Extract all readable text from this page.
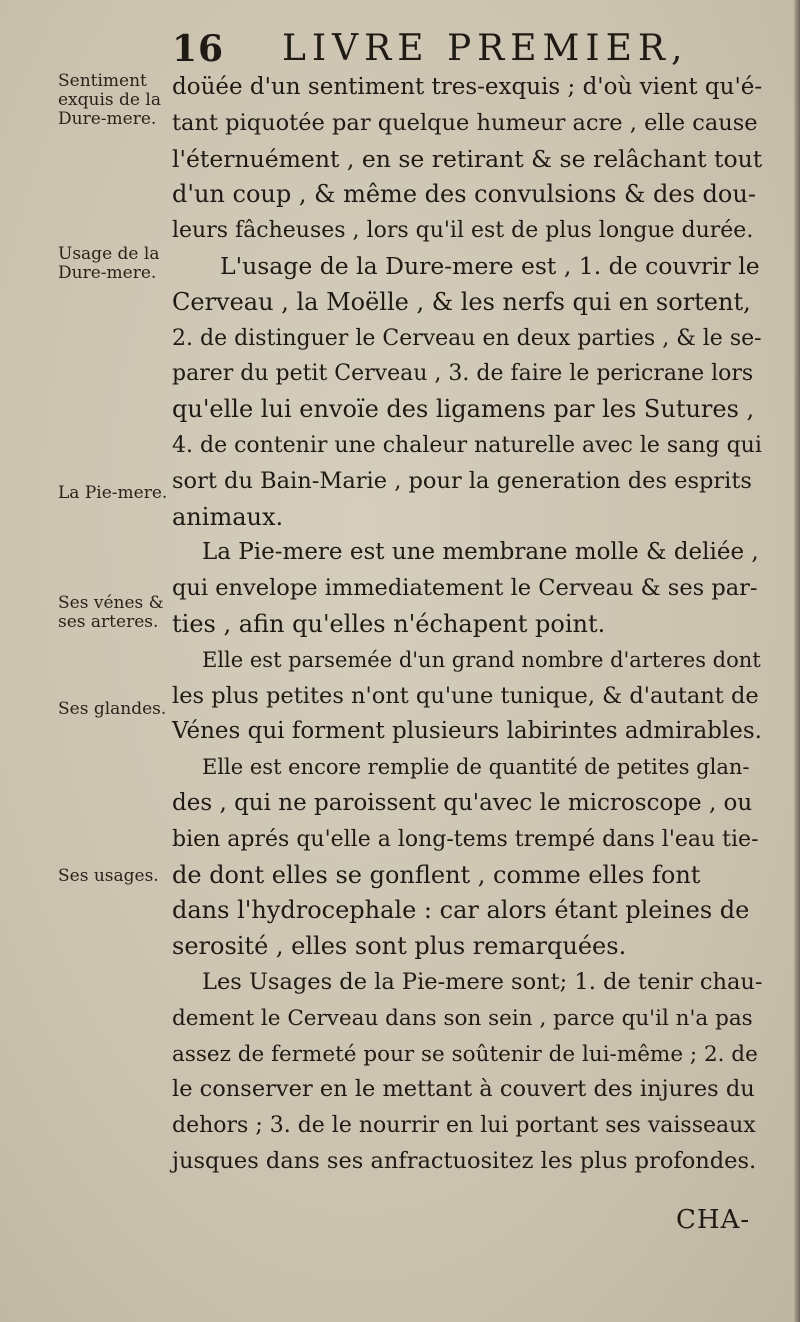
16 LIVRE PREMIER,
Sentiment exquis de la Dure-mere.
Usage de la Dure-mere.
La Pie-mere.
Ses vénes & ses arteres.
Ses glandes.
Ses usages.
doüée d'un sentiment tres-exquis ; d'où vient qu'é-
tant piquotée par quelque humeur acre , elle cause
l'éternuément , en se retirant & se relâchant tout
d'un coup , & même des convulsions & des dou-
leurs fâcheuses , lors qu'il est de plus longue durée.
L'usage de la Dure-mere est , 1. de couvrir le
Cerveau , la Moëlle , & les nerfs qui en sortent,
2. de distinguer le Cerveau en deux parties , & le se-
parer du petit Cerveau , 3. de faire le pericrane lors
qu'elle lui envoïe des ligamens par les Sutures ,
4. de contenir une chaleur naturelle avec le sang qui
sort du Bain-Marie , pour la generation des esprits
animaux.
La Pie-mere est une membrane molle & deliée ,
qui envelope immediatement le Cerveau & ses par-
ties , afin qu'elles n'échapent point.
Elle est parsemée d'un grand nombre d'arteres dont
les plus petites n'ont qu'une tunique, & d'autant de
Vénes qui forment plusieurs labirintes admirables.
Elle est encore remplie de quantité de petites glan-
des , qui ne paroissent qu'avec le microscope , ou
bien aprés qu'elle a long-tems trempé dans l'eau tie-
de dont elles se gonflent , comme elles font
dans l'hydrocephale : car alors étant pleines de
serosité , elles sont plus remarquées.
Les Usages de la Pie-mere sont; 1. de tenir chau-
dement le Cerveau dans son sein , parce qu'il n'a pas
assez de fermeté pour se soûtenir de lui-même ; 2. de
le conserver en le mettant à couvert des injures du
dehors ; 3. de le nourrir en lui portant ses vaisseaux
jusques dans ses anfractuositez les plus profondes.
CHA-
